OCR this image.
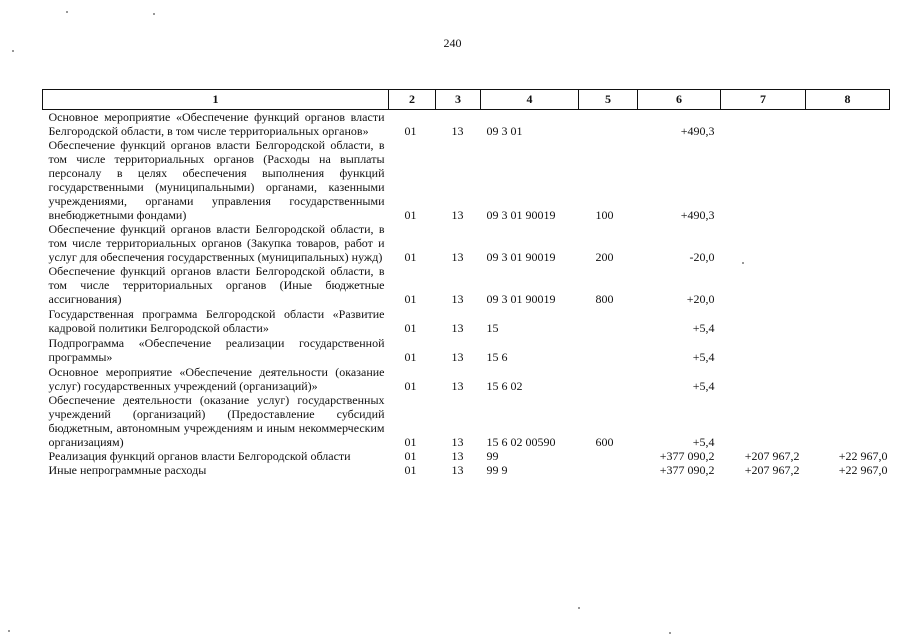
240
1	2	3	4	5	6	7	8
Основное мероприятие «Обеспечение функций органов власти Белгородской области, в том числе территориальных органов»	01	13	09 3 01		+490,3		
Обеспечение функций органов власти Белгородской области, в том числе территориальных органов (Расходы на выплаты персоналу в целях обеспечения выполнения функций государственными (муниципальными) органами, казенными учреждениями, органами управления государственными внебюджетными фондами)	01	13	09 3 01 90019	100	+490,3		
Обеспечение функций органов власти Белгородской области, в том числе территориальных органов (Закупка товаров, работ и услуг для обеспечения государственных (муниципальных) нужд)	01	13	09 3 01 90019	200	-20,0		
Обеспечение функций органов власти Белгородской области, в том числе территориальных органов (Иные бюджетные ассигнования)	01	13	09 3 01 90019	800	+20,0		
Государственная программа Белгородской области «Развитие кадровой политики Белгородской области»	01	13	15		+5,4		
Подпрограмма «Обеспечение реализации государственной программы»	01	13	15 6		+5,4		
Основное мероприятие «Обеспечение деятельности (оказание услуг) государственных учреждений (организаций)»	01	13	15 6 02		+5,4		
Обеспечение деятельности (оказание услуг) государственных учреждений (организаций) (Предоставление субсидий бюджетным, автономным учреждениям и иным некоммерческим организациям)	01	13	15 6 02 00590	600	+5,4		
Реализация функций органов власти Белгородской области	01	13	99		+377 090,2	+207 967,2	+22 967,0
Иные непрограммные расходы	01	13	99 9		+377 090,2	+207 967,2	+22 967,0
